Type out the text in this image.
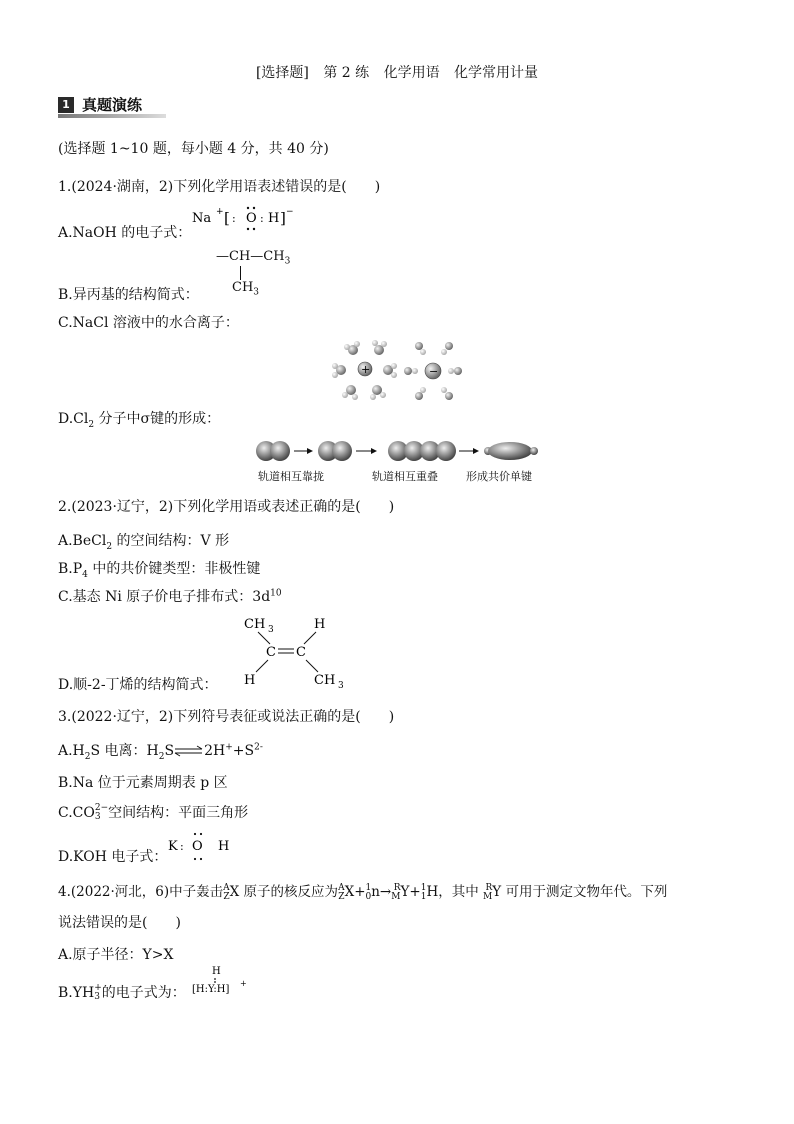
[选择题] 第 2 练 化学用语 化学常用计量
1 真题演练
(选择题 1~10 题，每小题 4 分，共 40 分)
1.(2024·湖南，2)下列化学用语表述错误的是(　　)
A.NaOH 的电子式：
Na + [ : O : H ] −
$—CH—CH_3$
$CH_3$
B.异丙基的结构简式：
C.NaCl 溶液中的水合离子：
+	−
$D.Cl_2$ 分子中σ键的形成：
轨道相互靠拢	轨道相互重叠	形成共价单键
2.(2023·辽宁，2)下列化学用语或表述正确的是(　　)
A.BeCl$_2$ 的空间结构：V 形
$B.P_4$ 中的共价键类型：非极性键
C.基态 Ni 原子价电子排布式：$3d^{10}$
CH 3	H
C C
H	CH 3
D.顺-2-丁烯的结构简式：
3.(2022·辽宁，2)下列符号表征或说法正确的是(　　)
$A.H_2S$ 电离：$H_2S\rightleftharpoons 2H^++S^{2-}$
B.Na 位于元素周期表 p 区
C.CO 2−
3 空间结构：平面三角形
D.KOH 电子式：
K : O H
4.(2022·河北，6)中子轰击 A
Z X 原子的核反应为 A
Z X+ 1
0 n→ R
M Y+ 1
1 H，其中 R
M Y 可用于测定文物年代。下列
说法错误的是(　　)
A.原子半径：Y>X
B.YH +
3 的电子式为：
H
[H:Y:H]
+
